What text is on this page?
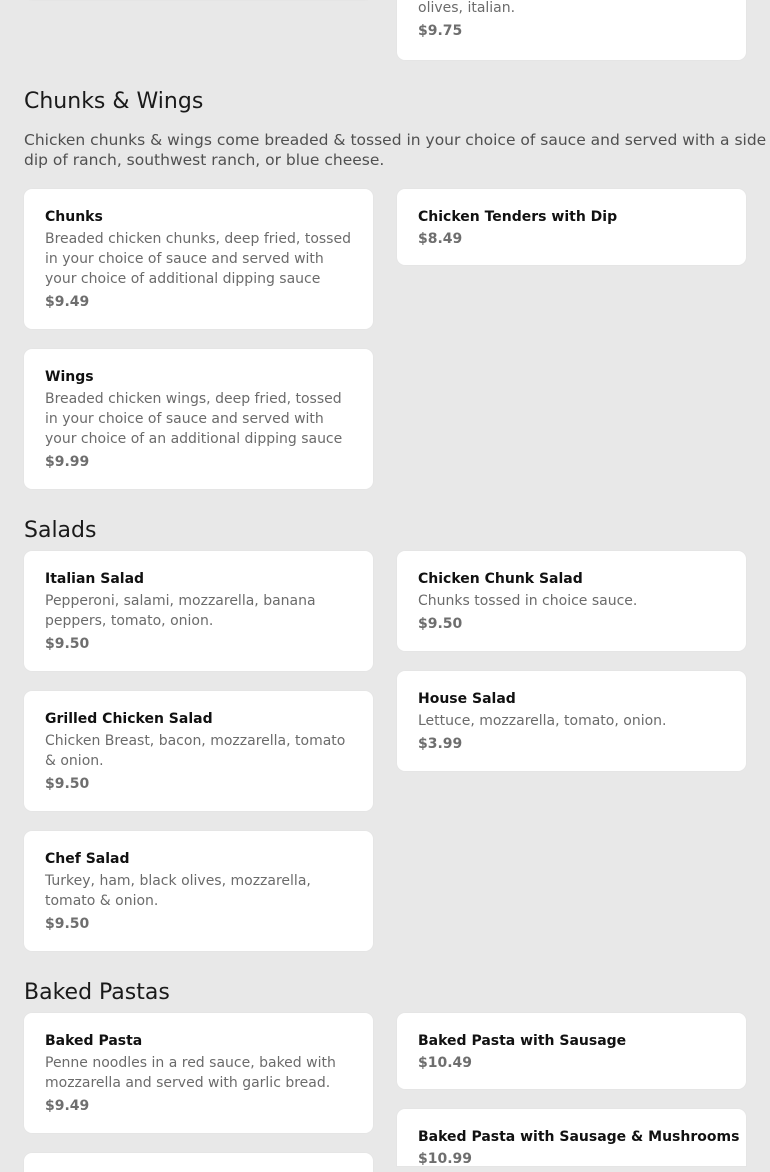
olives, italian.
$9.75
Chunks & Wings
Chicken chunks & wings come breaded & tossed in your choice of sauce and served with a side dip of ranch, southwest ranch, or blue cheese.
Chunks
Breaded chicken chunks, deep fried, tossed in your choice of sauce and served with your choice of additional dipping sauce
$9.49
Chicken Tenders with Dip
$8.49
Wings
Breaded chicken wings, deep fried, tossed in your choice of sauce and served with your choice of an additional dipping sauce
$9.99
Salads
Italian Salad
Pepperoni, salami, mozzarella, banana peppers, tomato, onion.
$9.50
Chicken Chunk Salad
Chunks tossed in choice sauce.
$9.50
Grilled Chicken Salad
Chicken Breast, bacon, mozzarella, tomato & onion.
$9.50
House Salad
Lettuce, mozzarella, tomato, onion.
$3.99
Chef Salad
Turkey, ham, black olives, mozzarella, tomato & onion.
$9.50
Baked Pastas
Baked Pasta
Penne noodles in a red sauce, baked with mozzarella and served with garlic bread.
$9.49
Baked Pasta with Sausage
$10.49
Baked Pasta with Sausage & Mushrooms
$10.99
